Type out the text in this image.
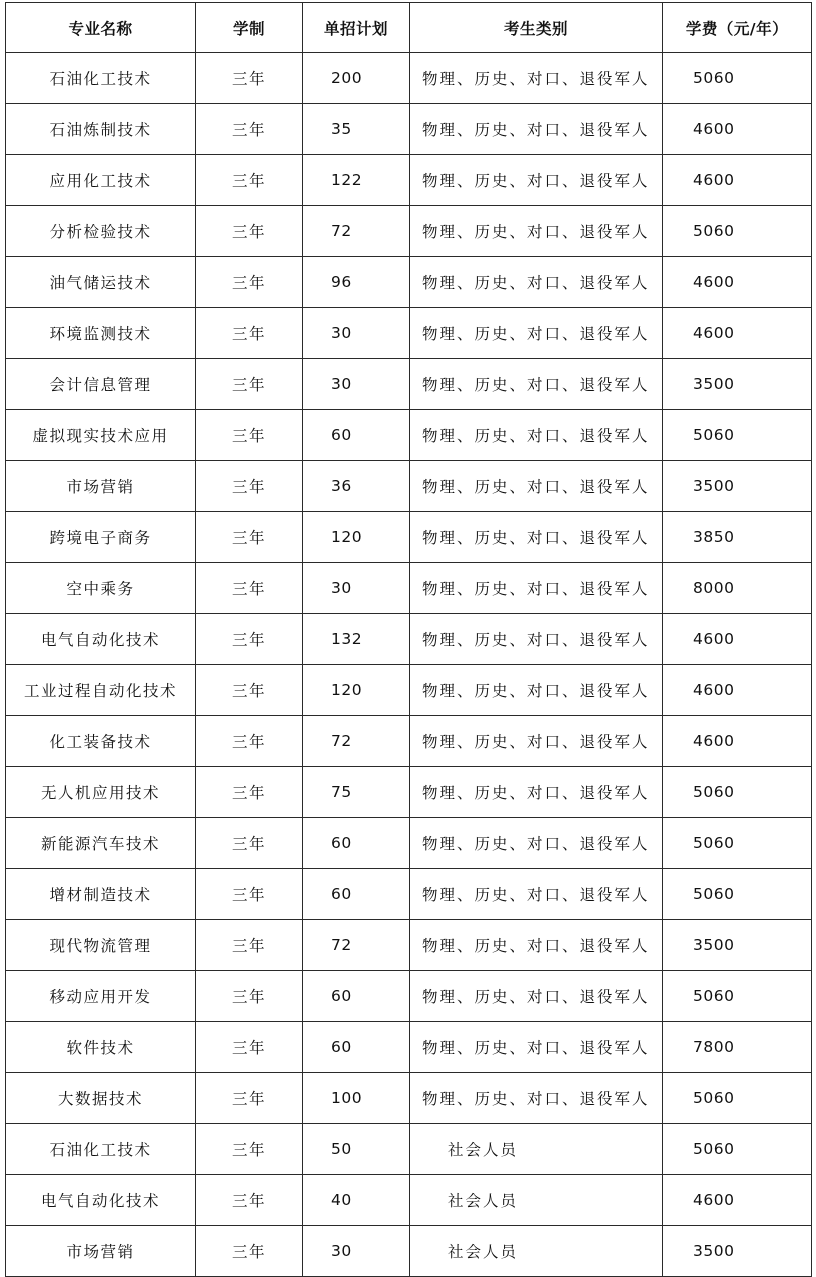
专业名称	学制	单招计划	考生类别	学费（元/年）
石油化工技术	三年	200	物理、历史、对口、退役军人	5060
石油炼制技术	三年	35	物理、历史、对口、退役军人	4600
应用化工技术	三年	122	物理、历史、对口、退役军人	4600
分析检验技术	三年	72	物理、历史、对口、退役军人	5060
油气储运技术	三年	96	物理、历史、对口、退役军人	4600
环境监测技术	三年	30	物理、历史、对口、退役军人	4600
会计信息管理	三年	30	物理、历史、对口、退役军人	3500
虚拟现实技术应用	三年	60	物理、历史、对口、退役军人	5060
市场营销	三年	36	物理、历史、对口、退役军人	3500
跨境电子商务	三年	120	物理、历史、对口、退役军人	3850
空中乘务	三年	30	物理、历史、对口、退役军人	8000
电气自动化技术	三年	132	物理、历史、对口、退役军人	4600
工业过程自动化技术	三年	120	物理、历史、对口、退役军人	4600
化工装备技术	三年	72	物理、历史、对口、退役军人	4600
无人机应用技术	三年	75	物理、历史、对口、退役军人	5060
新能源汽车技术	三年	60	物理、历史、对口、退役军人	5060
增材制造技术	三年	60	物理、历史、对口、退役军人	5060
现代物流管理	三年	72	物理、历史、对口、退役军人	3500
移动应用开发	三年	60	物理、历史、对口、退役军人	5060
软件技术	三年	60	物理、历史、对口、退役军人	7800
大数据技术	三年	100	物理、历史、对口、退役军人	5060
石油化工技术	三年	50	社会人员	5060
电气自动化技术	三年	40	社会人员	4600
市场营销	三年	30	社会人员	3500
